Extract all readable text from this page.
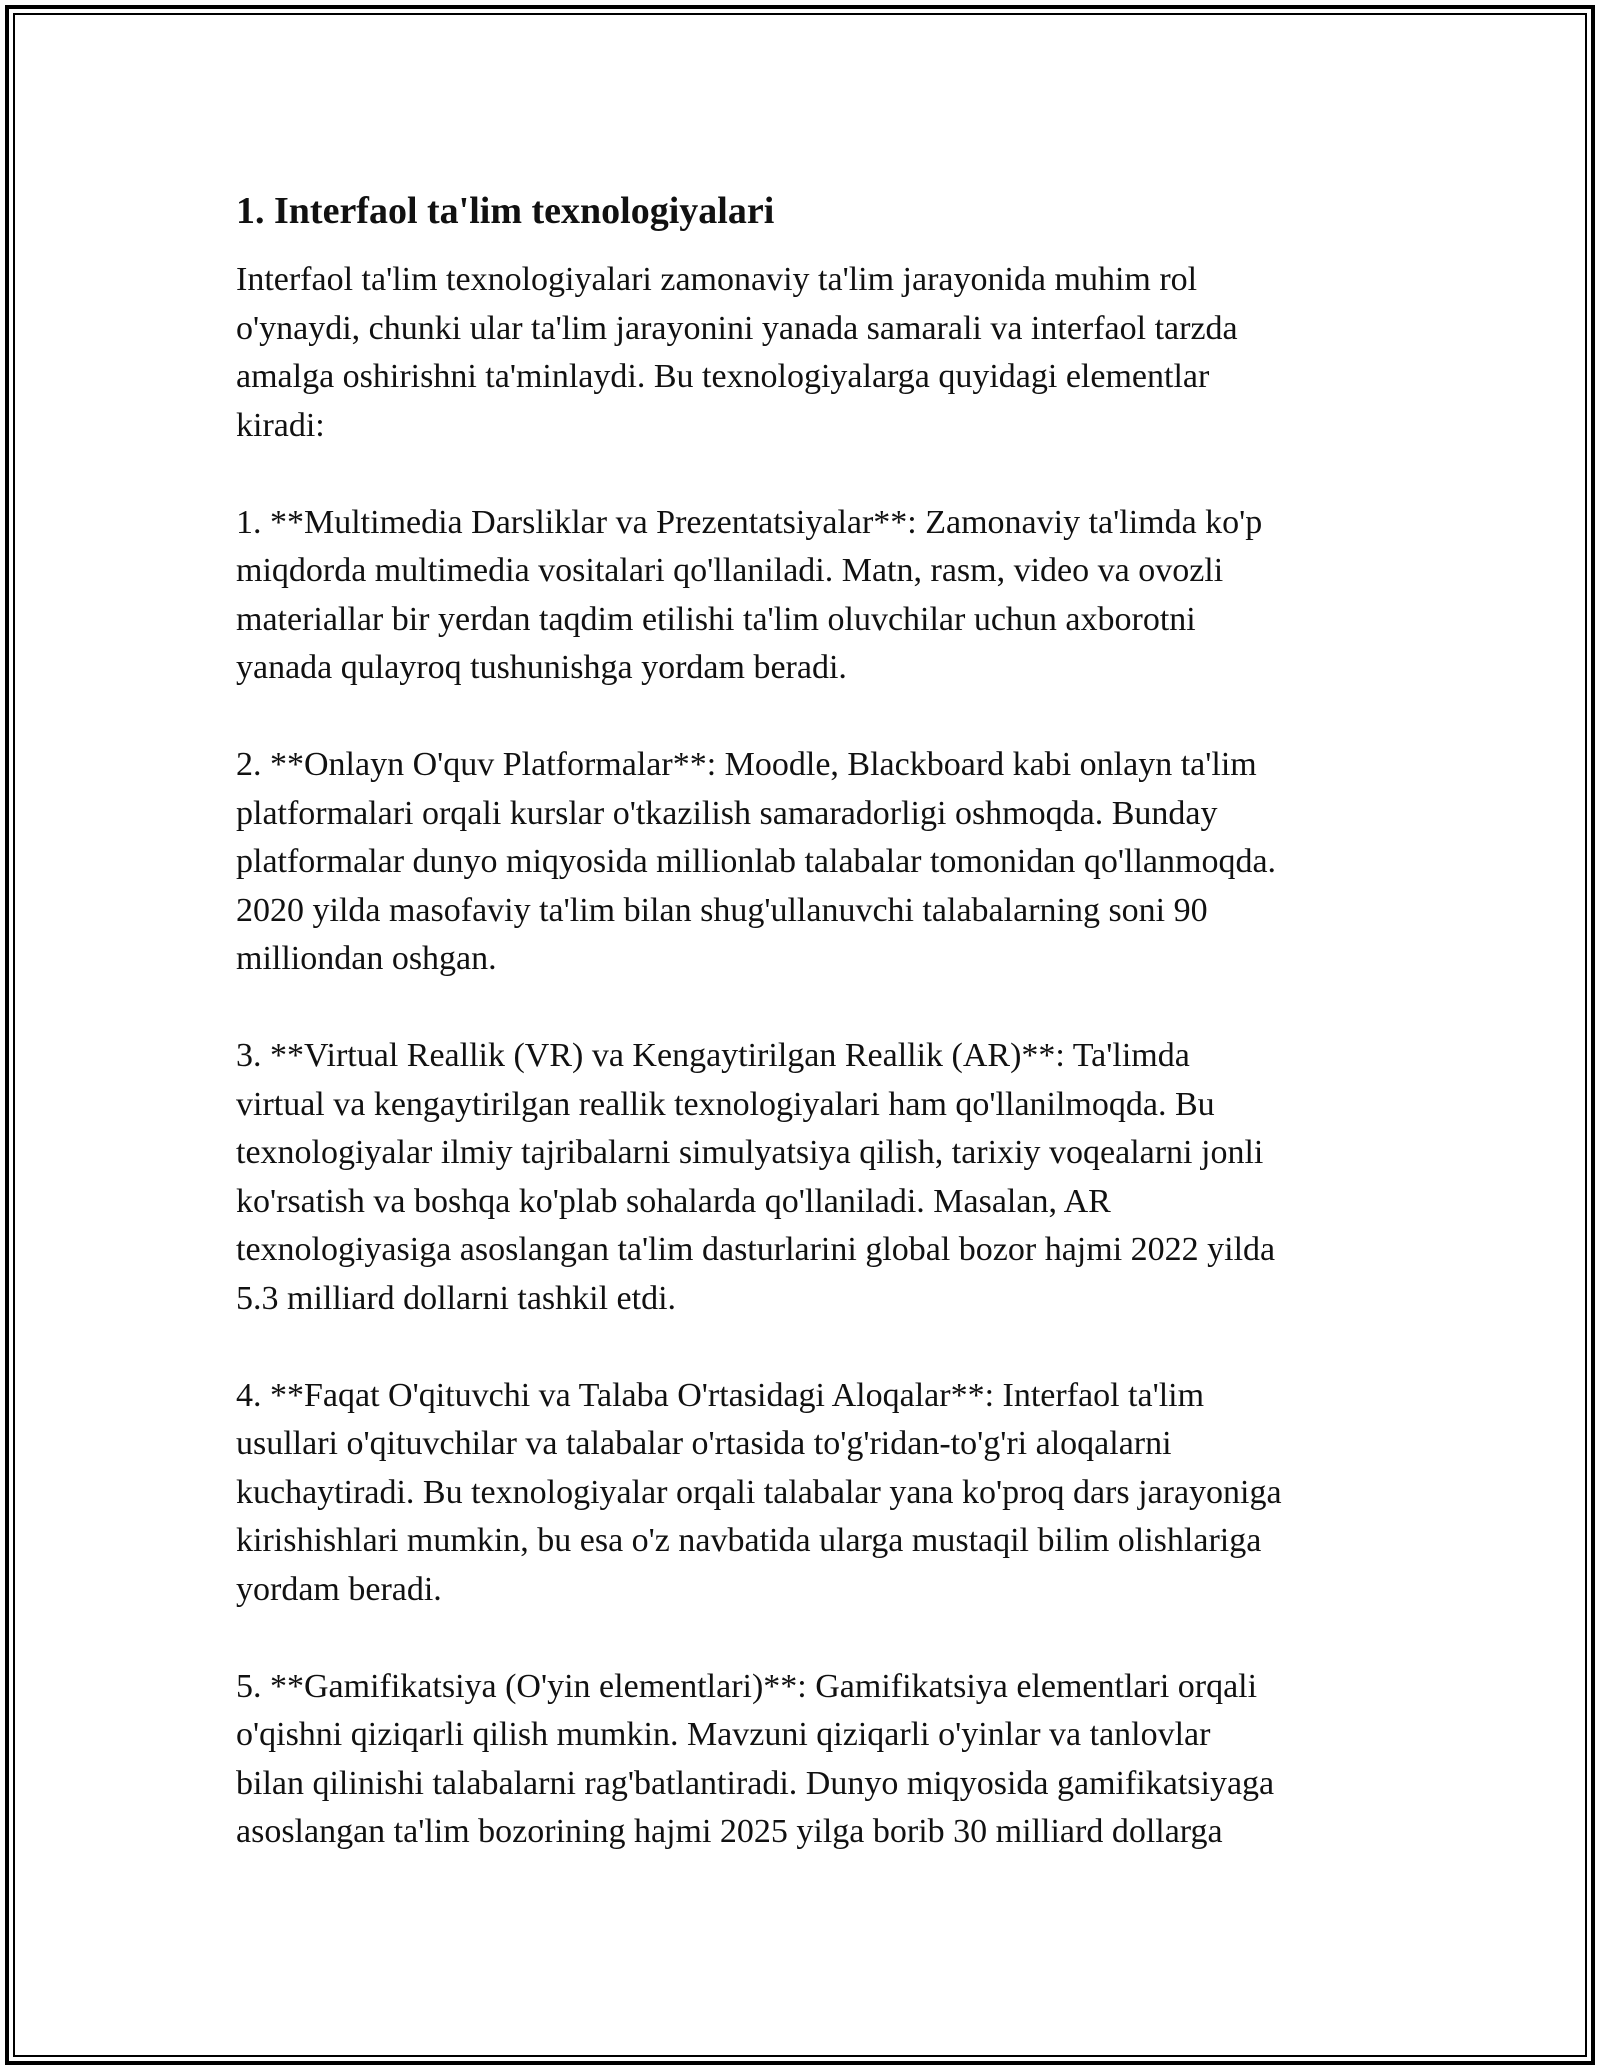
1. Interfaol ta'lim texnologiyalari

Interfaol ta'lim texnologiyalari zamonaviy ta'lim jarayonida muhim rol
o'ynaydi, chunki ular ta'lim jarayonini yanada samarali va interfaol tarzda
amalga oshirishni ta'minlaydi. Bu texnologiyalarga quyidagi elementlar
kiradi:

1. **Multimedia Darsliklar va Prezentatsiyalar**: Zamonaviy ta'limda ko'p
miqdorda multimedia vositalari qo'llaniladi. Matn, rasm, video va ovozli
materiallar bir yerdan taqdim etilishi ta'lim oluvchilar uchun axborotni
yanada qulayroq tushunishga yordam beradi.

2. **Onlayn O'quv Platformalar**: Moodle, Blackboard kabi onlayn ta'lim
platformalari orqali kurslar o'tkazilish samaradorligi oshmoqda. Bunday
platformalar dunyo miqyosida millionlab talabalar tomonidan qo'llanmoqda.
2020 yilda masofaviy ta'lim bilan shug'ullanuvchi talabalarning soni 90
milliondan oshgan.

3. **Virtual Reallik (VR) va Kengaytirilgan Reallik (AR)**: Ta'limda
virtual va kengaytirilgan reallik texnologiyalari ham qo'llanilmoqda. Bu
texnologiyalar ilmiy tajribalarni simulyatsiya qilish, tarixiy voqealarni jonli
ko'rsatish va boshqa ko'plab sohalarda qo'llaniladi. Masalan, AR
texnologiyasiga asoslangan ta'lim dasturlarini global bozor hajmi 2022 yilda
5.3 milliard dollarni tashkil etdi.

4. **Faqat O'qituvchi va Talaba O'rtasidagi Aloqalar**: Interfaol ta'lim
usullari o'qituvchilar va talabalar o'rtasida to'g'ridan-to'g'ri aloqalarni
kuchaytiradi. Bu texnologiyalar orqali talabalar yana ko'proq dars jarayoniga
kirishishlari mumkin, bu esa o'z navbatida ularga mustaqil bilim olishlariga
yordam beradi.

5. **Gamifikatsiya (O'yin elementlari)**: Gamifikatsiya elementlari orqali
o'qishni qiziqarli qilish mumkin. Mavzuni qiziqarli o'yinlar va tanlovlar
bilan qilinishi talabalarni rag'batlantiradi. Dunyo miqyosida gamifikatsiyaga
asoslangan ta'lim bozorining hajmi 2025 yilga borib 30 milliard dollarga
